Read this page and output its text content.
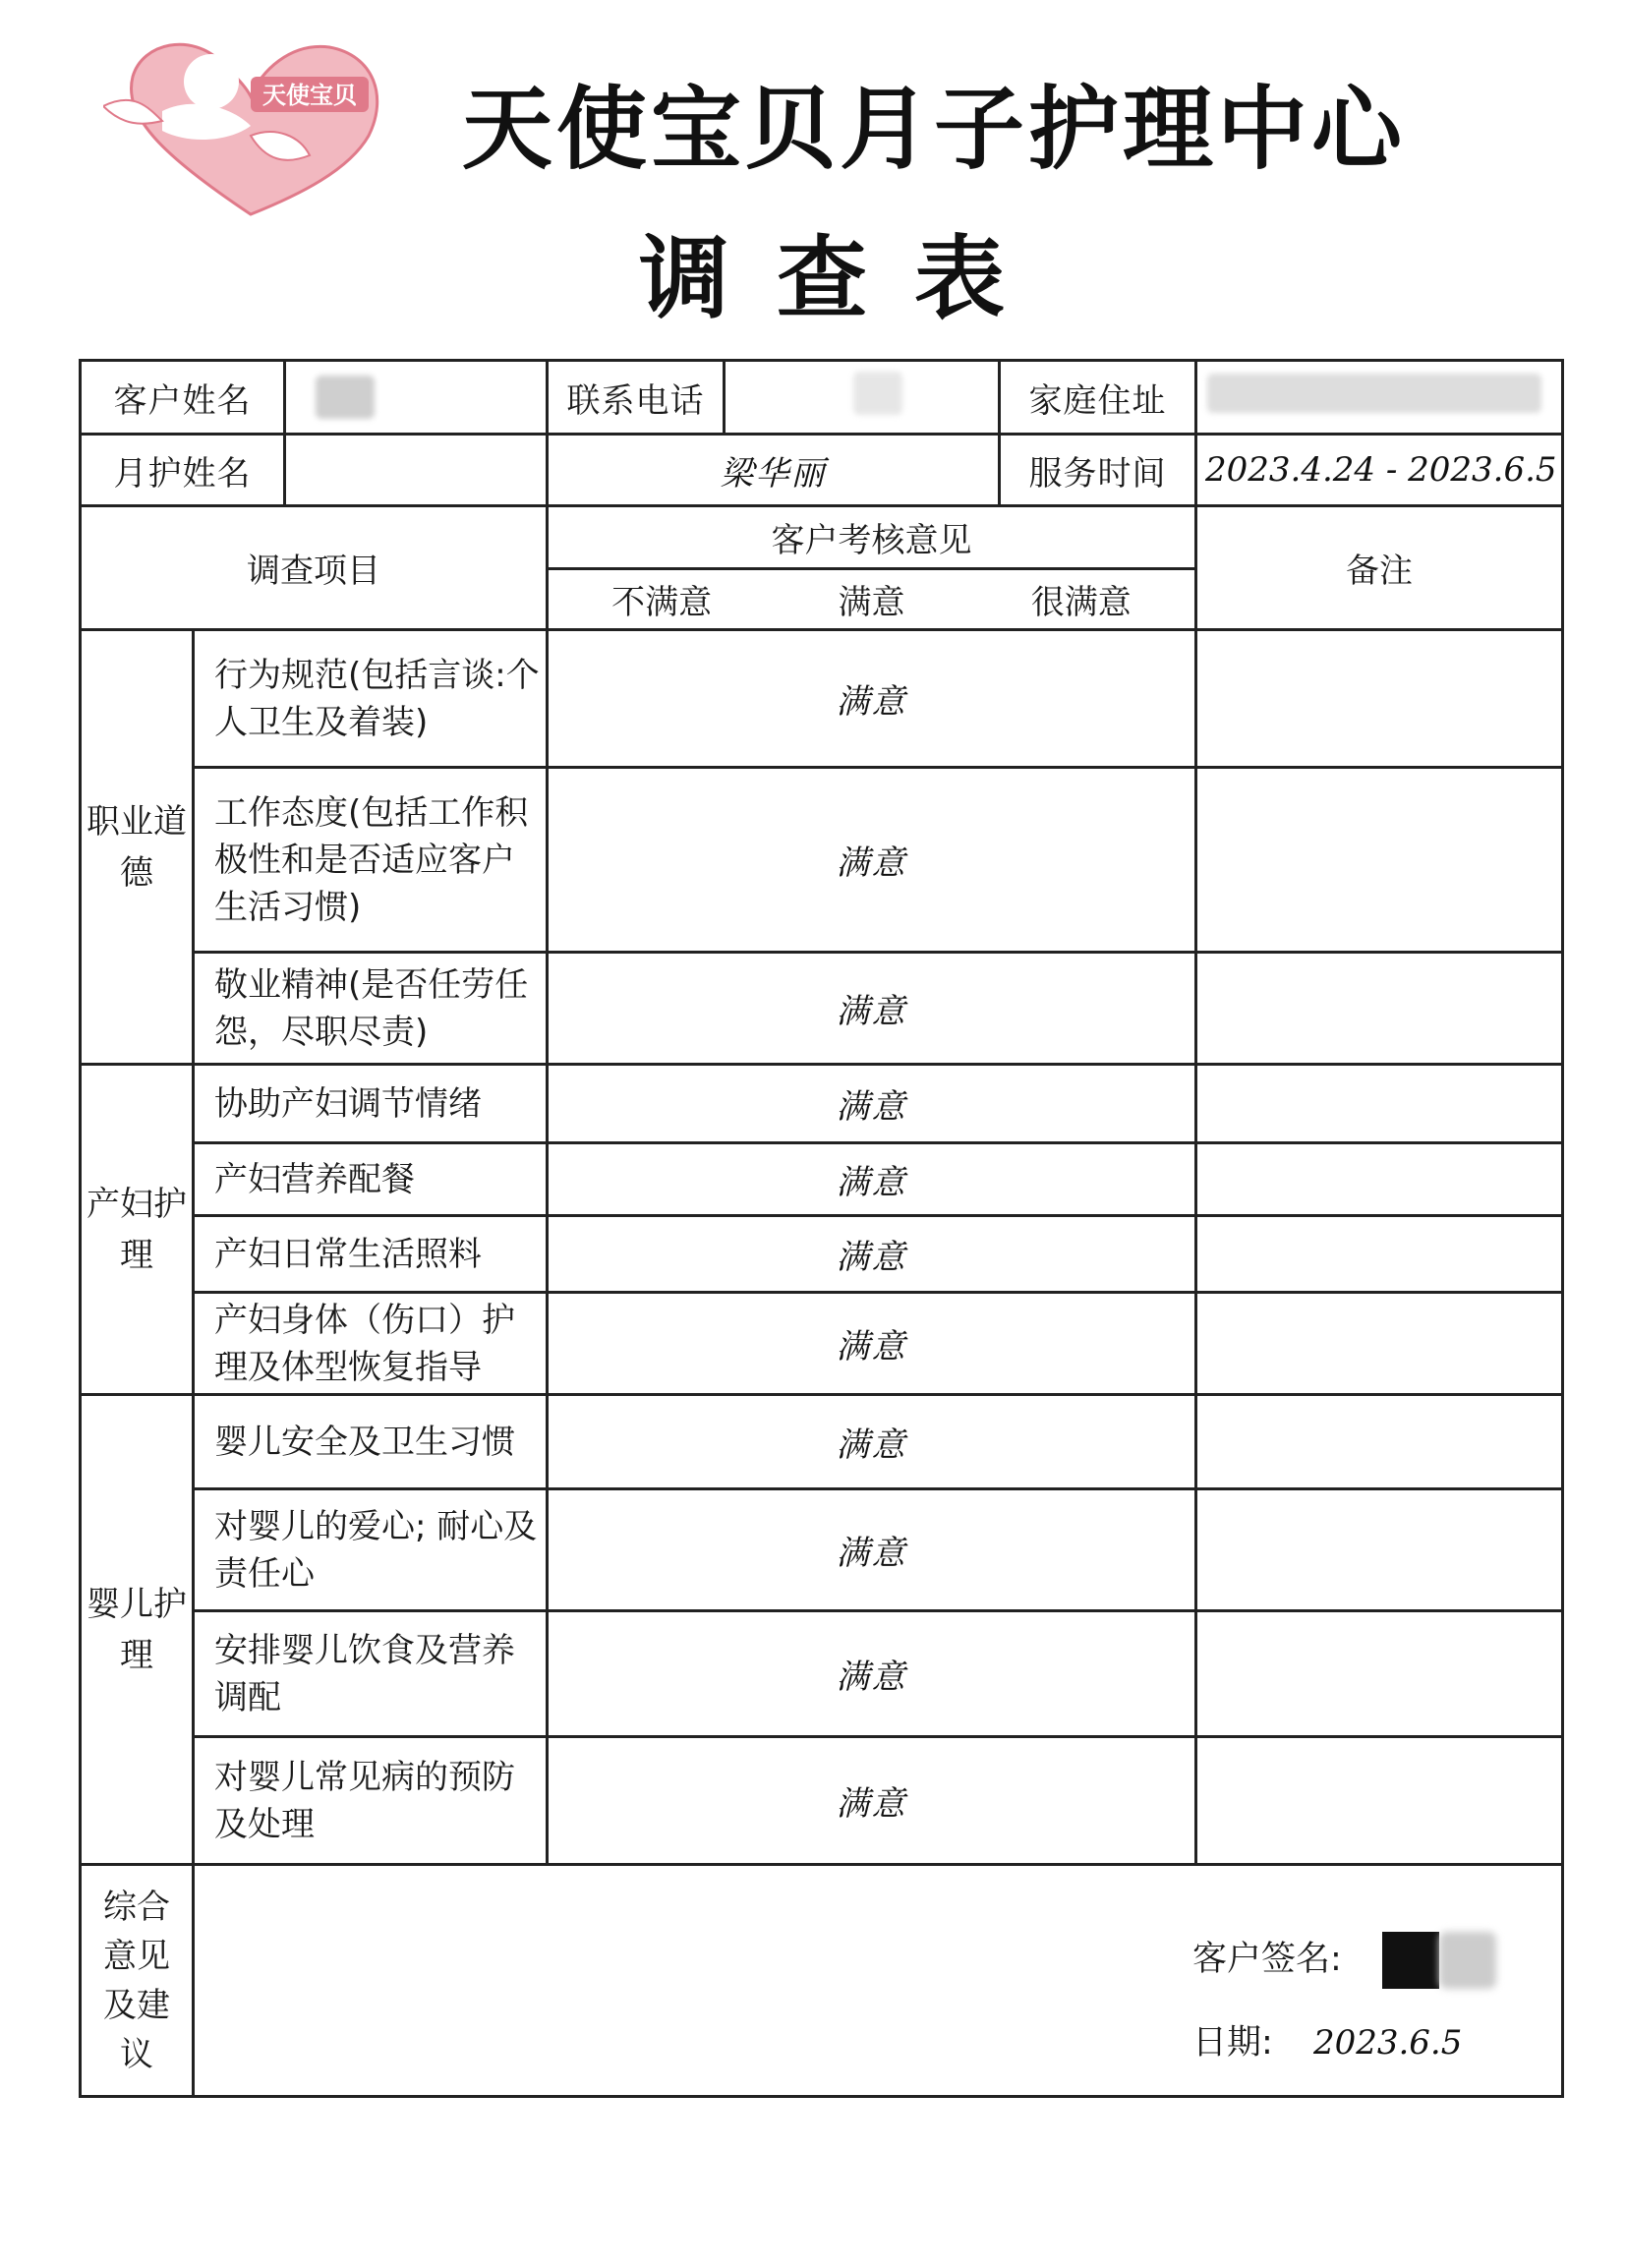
天使宝贝 天使宝贝月子护理中心
调查表
客户姓名		联系电话		家庭住址	

月护姓名		梁华丽		服务时间	2023.4.24 - 2023.6.5
调查项目		客户考核意见			备注

		不满意 满意 很满意			

职业道德	行为规范(包括言谈:个人卫生及着装)	满意			
	工作态度(包括工作积极性和是否适应客户生活习惯)	满意			
	敬业精神(是否任劳任怨，尽职尽责)	满意			
产妇护理	协助产妇调节情绪	满意			
	产妇营养配餐	满意			
	产妇日常生活照料	满意			
	产妇身体（伤口）护理及体型恢复指导	满意			
婴儿护理	婴儿安全及卫生习惯	满意			
	对婴儿的爱心; 耐心及责任心	满意			
	安排婴儿饮食及营养调配	满意			
	对婴儿常见病的预防及处理	满意			
综合意见及建议	客户签名:
日期: 2023.6.5				
